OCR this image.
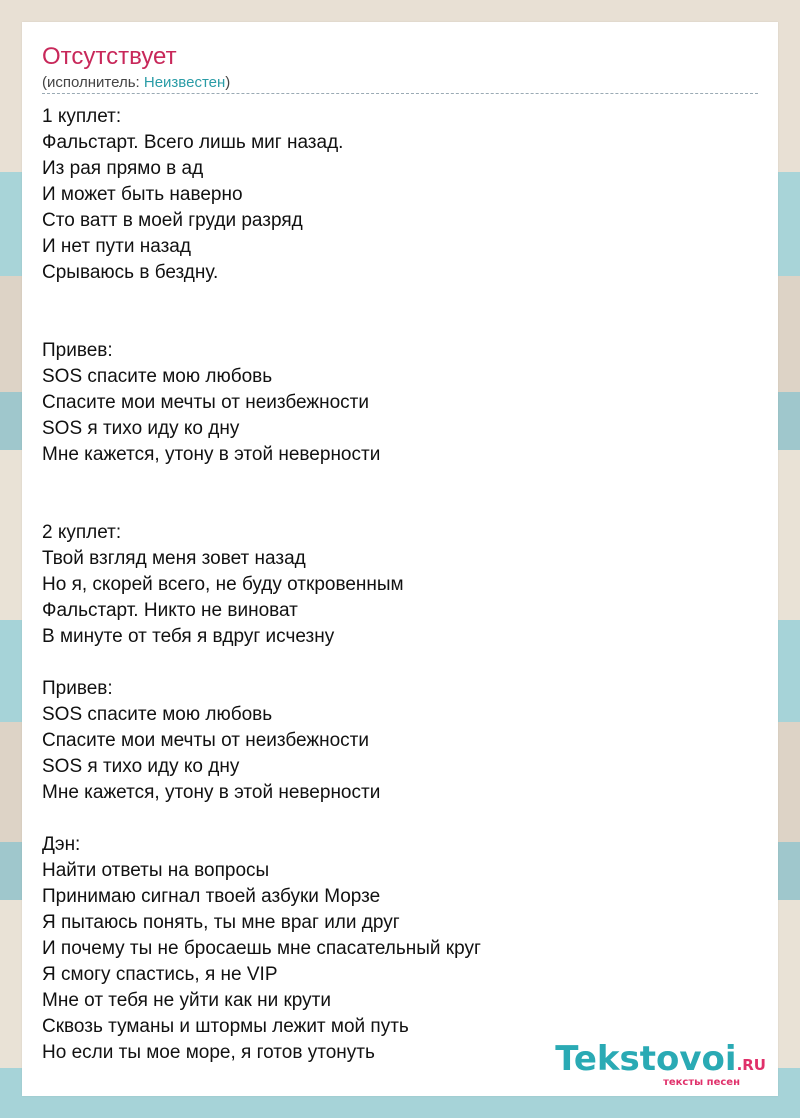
Отсутствует
(исполнитель: Неизвестен)
1 куплет:
Фальстарт. Всего лишь миг назад.
Из рая прямо в ад
И может быть наверно
Сто ватт в моей груди разряд
И нет пути назад
Срываюсь в бездну.
Привев:
SOS спасите мою любовь
Спасите мои мечты от неизбежности
SOS я тихо иду ко дну
Мне кажется, утону в этой неверности
2 куплет:
Твой взгляд меня зовет назад
Но я, скорей всего, не буду откровенным
Фальстарт. Никто не виноват
В минуте от тебя я вдруг исчезну
Привев:
SOS спасите мою любовь
Спасите мои мечты от неизбежности
SOS я тихо иду ко дну
Мне кажется, утону в этой неверности
Дэн:
Найти ответы на вопросы
Принимаю сигнал твоей азбуки Морзе
Я пытаюсь понять, ты мне враг или друг
И почему ты не бросаешь мне спасательный круг
Я смогу спастись, я не VIP
Мне от тебя не уйти как ни крути
Сквозь туманы и штормы лежит мой путь
Но если ты мое море, я готов утонуть	Tekstovoi.RU
тексты песен
